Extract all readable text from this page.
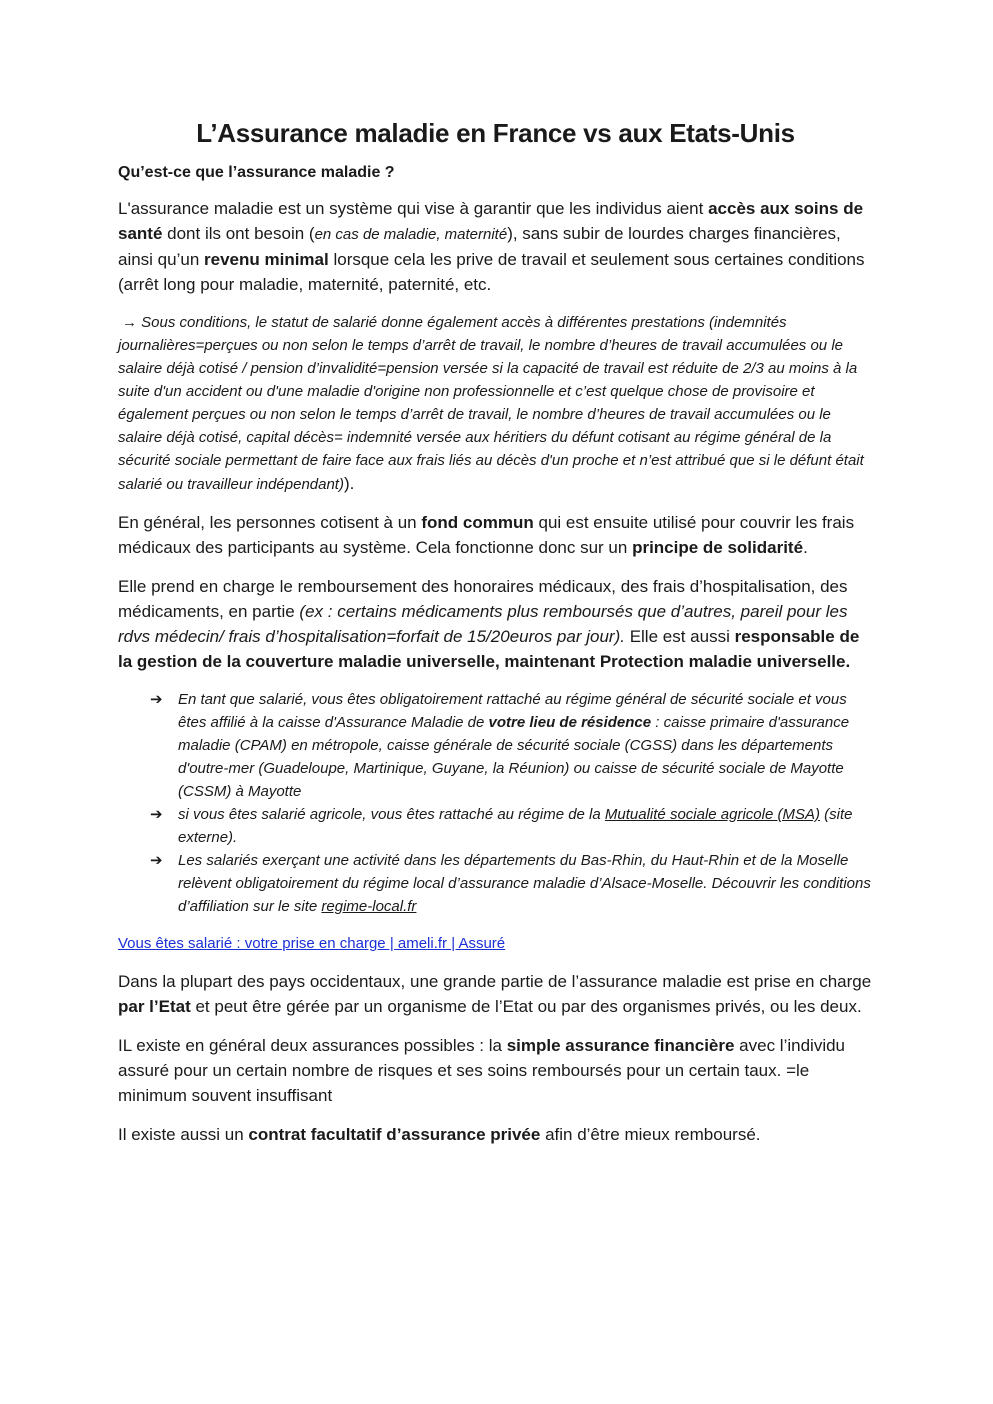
L’Assurance maladie en France vs aux Etats-Unis
Qu’est-ce que l’assurance maladie ?

L'assurance maladie est un système qui vise à garantir que les individus aient accès aux soins de santé dont ils ont besoin (en cas de maladie, maternité), sans subir de lourdes charges financières, ainsi qu’un revenu minimal lorsque cela les prive de travail et seulement sous certaines conditions (arrêt long pour maladie, maternité, paternité, etc.

→ Sous conditions, le statut de salarié donne également accès à différentes prestations (indemnités journalières=perçues ou non selon le temps d’arrêt de travail, le nombre d’heures de travail accumulées ou le salaire déjà cotisé / pension d’invalidité=pension versée si la capacité de travail est réduite de 2/3 au moins à la suite d'un accident ou d'une maladie d'origine non professionnelle et c’est quelque chose de provisoire et également perçues ou non selon le temps d’arrêt de travail, le nombre d’heures de travail accumulées ou le salaire déjà cotisé, capital décès= indemnité versée aux héritiers du défunt cotisant au régime général de la sécurité sociale permettant de faire face aux frais liés au décès d'un proche et n’est attribué que si le défunt était salarié ou travailleur indépendant)).

En général, les personnes cotisent à un fond commun qui est ensuite utilisé pour couvrir les frais médicaux des participants au système. Cela fonctionne donc sur un principe de solidarité.

Elle prend en charge le remboursement des honoraires médicaux, des frais d’hospitalisation, des médicaments, en partie (ex : certains médicaments plus remboursés que d’autres, pareil pour les rdvs médecin/ frais d’hospitalisation=forfait de 15/20euros par jour). Elle est aussi responsable de la gestion de la couverture maladie universelle, maintenant Protection maladie universelle.

➔ En tant que salarié, vous êtes obligatoirement rattaché au régime général de sécurité sociale et vous êtes affilié à la caisse d'Assurance Maladie de votre lieu de résidence : caisse primaire d'assurance maladie (CPAM) en métropole, caisse générale de sécurité sociale (CGSS) dans les départements d'outre-mer (Guadeloupe, Martinique, Guyane, la Réunion) ou caisse de sécurité sociale de Mayotte (CSSM) à Mayotte
➔ si vous êtes salarié agricole, vous êtes rattaché au régime de la Mutualité sociale agricole (MSA) (site externe).
➔ Les salariés exerçant une activité dans les départements du Bas-Rhin, du Haut-Rhin et de la Moselle relèvent obligatoirement du régime local d’assurance maladie d’Alsace-Moselle. Découvrir les conditions d’affiliation sur le site regime-local.fr
Vous êtes salarié : votre prise en charge | ameli.fr | Assuré

Dans la plupart des pays occidentaux, une grande partie de l’assurance maladie est prise en charge par l’Etat et peut être gérée par un organisme de l’Etat ou par des organismes privés, ou les deux.

IL existe en général deux assurances possibles : la simple assurance financière avec l’individu assuré pour un certain nombre de risques et ses soins remboursés pour un certain taux. =le minimum souvent insuffisant

Il existe aussi un contrat facultatif d’assurance privée afin d’être mieux remboursé.
